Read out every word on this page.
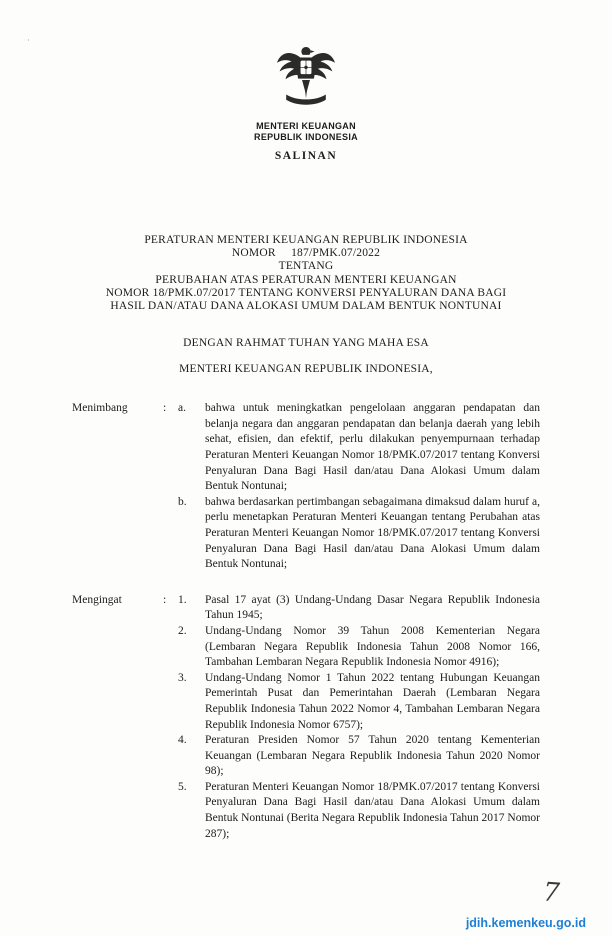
·
MENTERI KEUANGAN
REPUBLIK INDONESIA
SALINAN
PERATURAN MENTERI KEUANGAN REPUBLIK INDONESIA
NOMOR     187/PMK.07/2022
TENTANG
PERUBAHAN ATAS PERATURAN MENTERI KEUANGAN
NOMOR 18/PMK.07/2017 TENTANG KONVERSI PENYALURAN DANA BAGI
HASIL DAN/ATAU DANA ALOKASI UMUM DALAM BENTUK NONTUNAI
DENGAN RAHMAT TUHAN YANG MAHA ESA
MENTERI KEUANGAN REPUBLIK INDONESIA,
Menimbang	:	a.	bahwa untuk meningkatkan pengelolaan anggaran pendapatan dan belanja negara dan anggaran pendapatan dan belanja daerah yang lebih sehat, efisien, dan efektif, perlu dilakukan penyempurnaan terhadap Peraturan Menteri Keuangan Nomor 18/PMK.07/2017 tentang Konversi Penyaluran Dana Bagi Hasil dan/atau Dana Alokasi Umum dalam Bentuk Nontunai;
b.	bahwa berdasarkan pertimbangan sebagaimana dimaksud dalam huruf a, perlu menetapkan Peraturan Menteri Keuangan tentang Perubahan atas Peraturan Menteri Keuangan Nomor 18/PMK.07/2017 tentang Konversi Penyaluran Dana Bagi Hasil dan/atau Dana Alokasi Umum dalam Bentuk Nontunai;
Mengingat	:	1.	Pasal 17 ayat (3) Undang-Undang Dasar Negara Republik Indonesia Tahun 1945;
2.	Undang-Undang Nomor 39 Tahun 2008 Kementerian Negara (Lembaran Negara Republik Indonesia Tahun 2008 Nomor 166, Tambahan Lembaran Negara Republik Indonesia Nomor 4916);
3.	Undang-Undang Nomor 1 Tahun 2022 tentang Hubungan Keuangan Pemerintah Pusat dan Pemerintahan Daerah (Lembaran Negara Republik Indonesia Tahun 2022 Nomor 4, Tambahan Lembaran Negara Republik Indonesia Nomor 6757);
4.	Peraturan Presiden Nomor 57 Tahun 2020 tentang Kementerian Keuangan (Lembaran Negara Republik Indonesia Tahun 2020 Nomor 98);
5.	Peraturan Menteri Keuangan Nomor 18/PMK.07/2017 tentang Konversi Penyaluran Dana Bagi Hasil dan/atau Dana Alokasi Umum dalam Bentuk Nontunai (Berita Negara Republik Indonesia Tahun 2017 Nomor 287);
7
jdih.kemenkeu.go.id
